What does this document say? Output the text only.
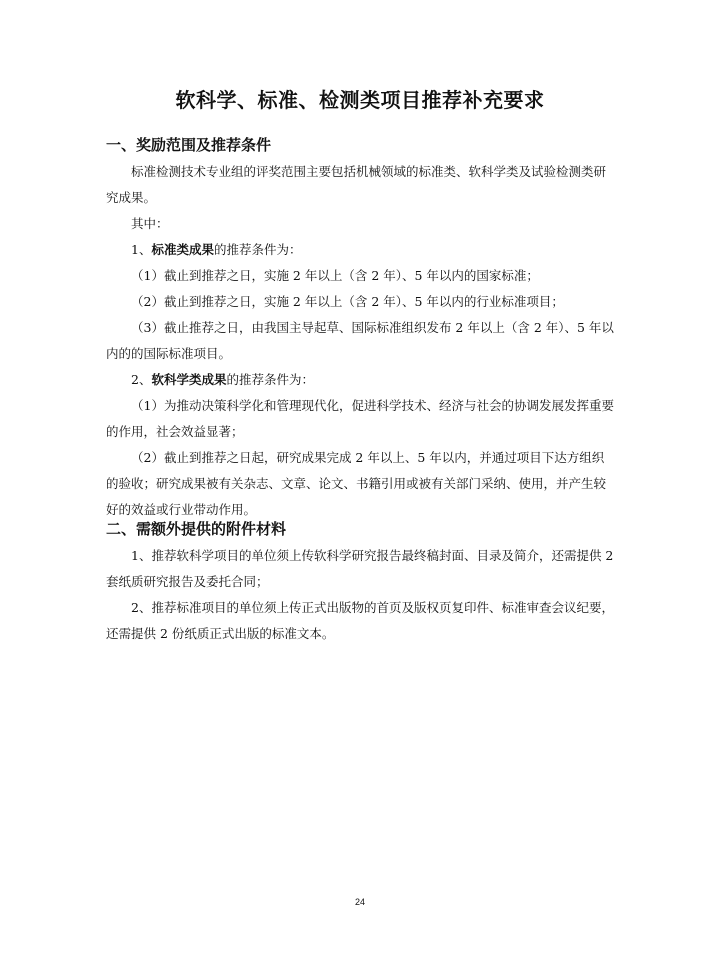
软科学、标准、检测类项目推荐补充要求
一、奖励范围及推荐条件

标准检测技术专业组的评奖范围主要包括机械领域的标准类、软科学类及试验检测类研究成果。

其中：

1、标准类成果的推荐条件为：

（1）截止到推荐之日，实施 2 年以上（含 2 年）、5 年以内的国家标准；

（2）截止到推荐之日，实施 2 年以上（含 2 年）、5 年以内的行业标准项目；

（3）截止推荐之日，由我国主导起草、国际标准组织发布 2 年以上（含 2 年）、5 年以内的的国际标准项目。

2、软科学类成果的推荐条件为：

（1）为推动决策科学化和管理现代化，促进科学技术、经济与社会的协调发展发挥重要的作用，社会效益显著；

（2）截止到推荐之日起，研究成果完成 2 年以上、5 年以内，并通过项目下达方组织的验收；研究成果被有关杂志、文章、论文、书籍引用或被有关部门采纳、使用，并产生较好的效益或行业带动作用。

二、需额外提供的附件材料

1、推荐软科学项目的单位须上传软科学研究报告最终稿封面、目录及简介，还需提供 2 套纸质研究报告及委托合同；

2、推荐标准项目的单位须上传正式出版物的首页及版权页复印件、标准审查会议纪要，还需提供 2 份纸质正式出版的标准文本。

24
